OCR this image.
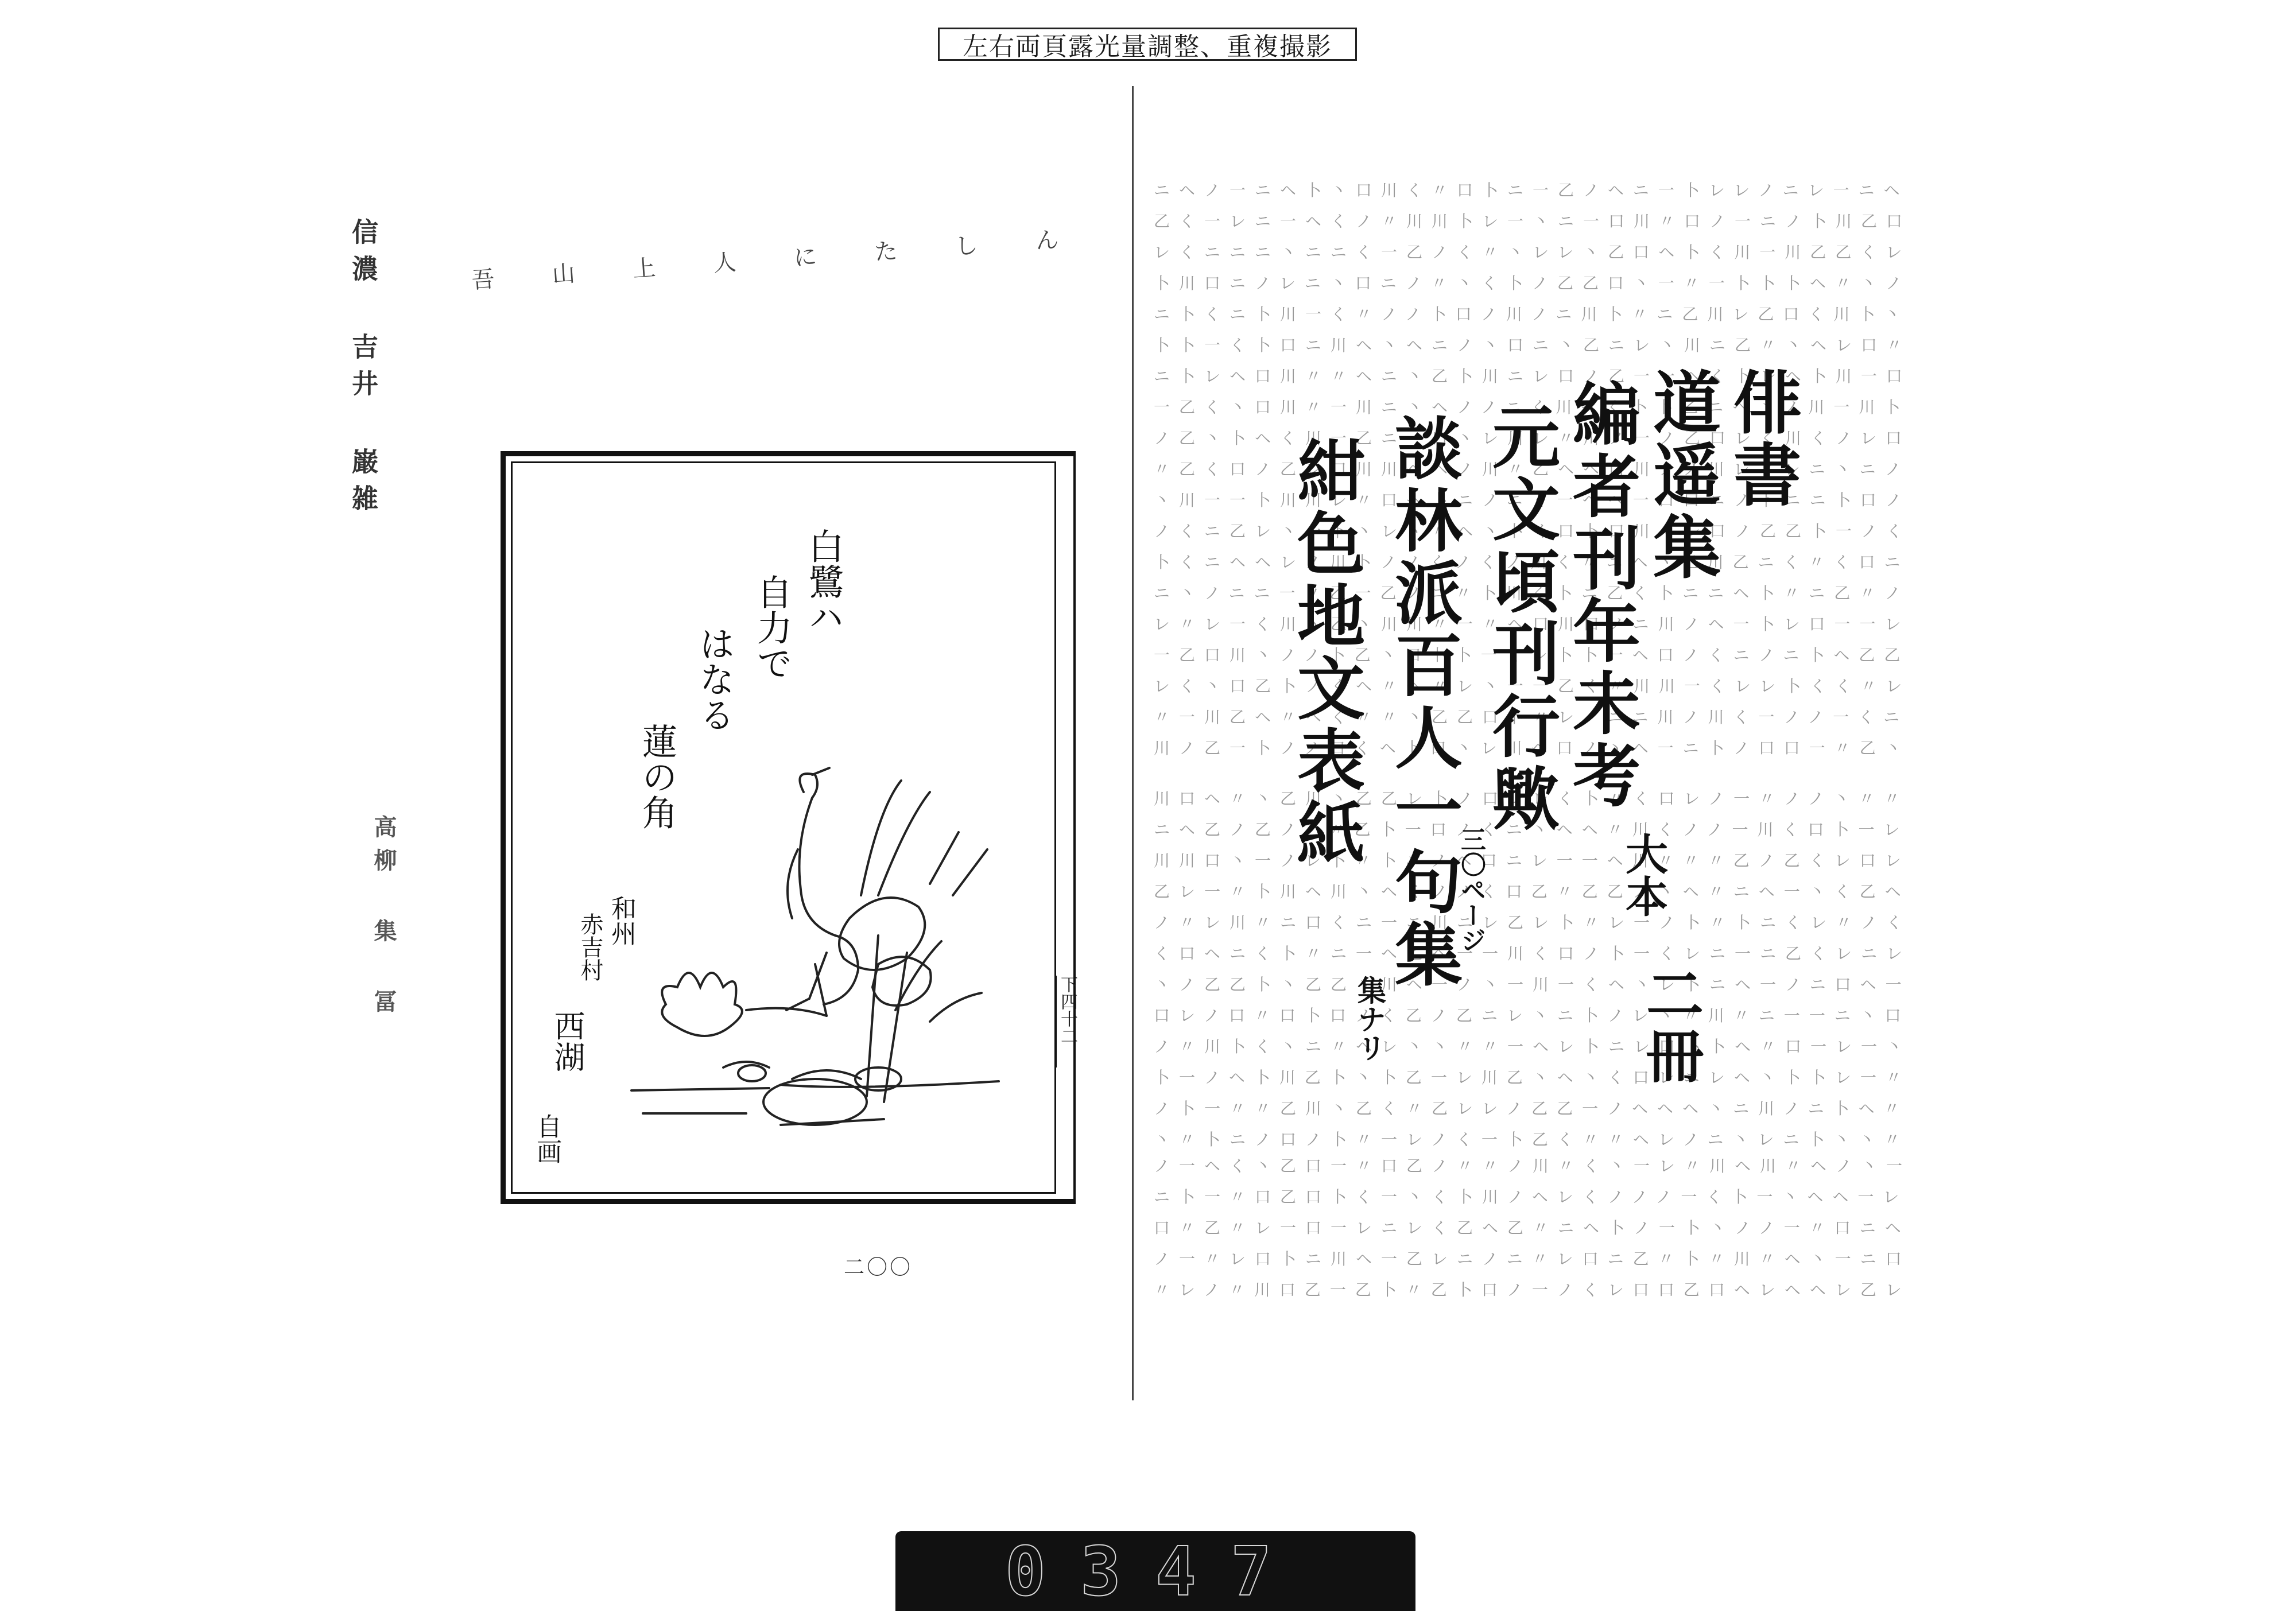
左右両頁露光量調整、重複撮影
信濃 吉井 巌雑
高柳 集 冨
吾 山 上 人 に た し ん
下四十二
白鷺ハ
自力で
はなる
蓮の角
和州
赤吉村
西湖
自画
二〇〇
ニヘノ一ニヘ卜丶口川く〃口卜ニ一乙ノヘニ一卜レレノニレ一ニヘ
乙く一レニ一ヘくノ〃川川卜レ一丶ニ一口川〃口ノ一ニノ卜川乙口
レくニニニ丶ニニく一乙ノく〃丶レレ丶乙口ヘ卜く川一川乙乙くレ
卜川口ニノレニ丶口ニノ〃丶く卜ノ乙乙口丶一〃一卜卜卜ヘ〃丶ノ
ニ卜くニ卜川一く〃ノノ卜口ノ川ノニ川卜〃ニ乙川レ乙口く川卜丶
卜卜一く卜口ニ川ヘ丶ヘニノ丶口ニ丶乙ニレ丶川ニ乙〃丶ヘレ口〃
ニ卜レヘ口川〃〃ヘニ丶乙卜川ニレ口ノ乙一一ヘく卜レヘ卜川一口
一乙く丶口川〃一川ニ丶ヘノノニく川ヘく卜卜乙ニヘ丶ノ川一川卜
ノ乙丶卜ヘく川一乙ニ一口丶レ川レ〃川ノ一ノ乙口レく川くノレ口
〃乙く口ノ乙レ口川川ヘヘノ川〃乙ヘヘ口川ノノ川レ〃レニ丶ニノ
丶川一一卜川川レ〃口ヘ卜ニノニく一ヘヘ一口口ニノ卜ニニ卜口ノ
ノくニ乙レ丶一卜丶レ丶〃ヘ丶卜く口卜口川くレ口ノ乙乙卜一ノく
卜くニヘヘレノ川卜ノノくノくノ川く〃ニヘ丶乙川乙ニく〃く口ニ
ニ丶ノニニ一〃乙一乙ノニ〃卜川く卜ニ乙く卜ニニヘ卜〃ニ乙〃ノ
レ〃レ一く川丶乙丶川川〃一〃ヘ口川口ノニ川ノヘ一卜レ口一一レ
一乙口川丶ノノ卜乙丶口卜卜一くレ卜卜一ヘ口ノくニノニ卜ヘ乙乙
レく丶口乙卜ノくヘ〃ヘ〃レ丶一一乙く〃川川一くレレ卜くく〃レ
〃一川乙ヘ〃ヘく〃〃丶乙乙口卜〃レノニニ川ノ川く一ノノ一くニ
川ノ乙一卜ノノ口くヘ卜口丶レ川ヘ口ノ丶ヘ一ニ卜ノ口口一〃乙丶
川口ヘ〃丶乙川丶乙乙レ卜ノ口レレく卜〃く口レノ一〃ノノ丶〃〃
ニヘ乙ノ乙ノノ〃乙卜一口ノくニ丶ヘヘ〃川くノノ一川く口卜一レ
川川口丶一ノレ卜〃卜ニノヘ口ニレ一一ヘ川〃〃〃乙ノ乙くレ口レ
乙レ一〃卜川ヘ川丶ヘくノノく口乙〃乙乙ノ丶ヘ〃ニヘ一丶く乙ヘ
ノ〃レ川〃ニ口くニ一ニ川ニレ乙レ卜〃レ一ノ卜〃卜ニくレ〃ノく
く口ヘニく卜〃ニ一ヘ乙ヘ一一川く口ノ卜一くレニ一ニ乙くレニレ
丶ノ乙乙卜丶乙乙丶川ヘ一ノ丶一川一くヘ丶レ卜ニヘ一ノニ口ヘ一
口レノ口〃口卜口ノく乙ノ乙ニレ丶ニ卜ノレ丶〃川〃ニ一一ニ丶口
ノ〃川卜く丶ニ〃ヘレ丶丶〃〃一ヘレ卜ニレ口卜卜ヘ〃口一レ一丶
卜一ノヘ卜川乙卜丶卜乙一レ川乙丶ヘ丶く口レニレヘ丶卜卜レ一〃
ノ卜一〃〃乙川丶乙く〃乙レレノ乙乙一ノヘヘヘ丶ニ川ノニ卜ヘ〃
丶〃卜ニノ口ノ卜〃一レノく一卜乙く〃〃ヘレノニ丶レニ卜丶丶〃
ノ一ヘく丶乙口一〃口乙ノ〃〃ノ川〃く丶一レ〃川ヘ川〃ヘノ丶一
ニ卜一〃口乙口卜く一丶く卜川ノヘレくノノノ一く卜一丶ヘヘ一レ
口〃乙〃レ一口一レニレく乙ヘ乙〃ニヘ卜ノ一卜丶ノノ一〃口ニヘ
ノ一〃レ口卜ニ川ヘ一乙レニノニ〃レ口ニ乙〃卜〃川〃ヘ丶一ニ口
〃レノ〃川口乙一乙卜〃乙卜口ノ一ノくレ口口乙口ヘレヘヘレ乙レ
俳書
道遥集
編者刊年未考
元文頃刊行歟
談林派百人一句集
紺色地文表紙
大本
二冊
三〇ページ
集ナリ
0347
